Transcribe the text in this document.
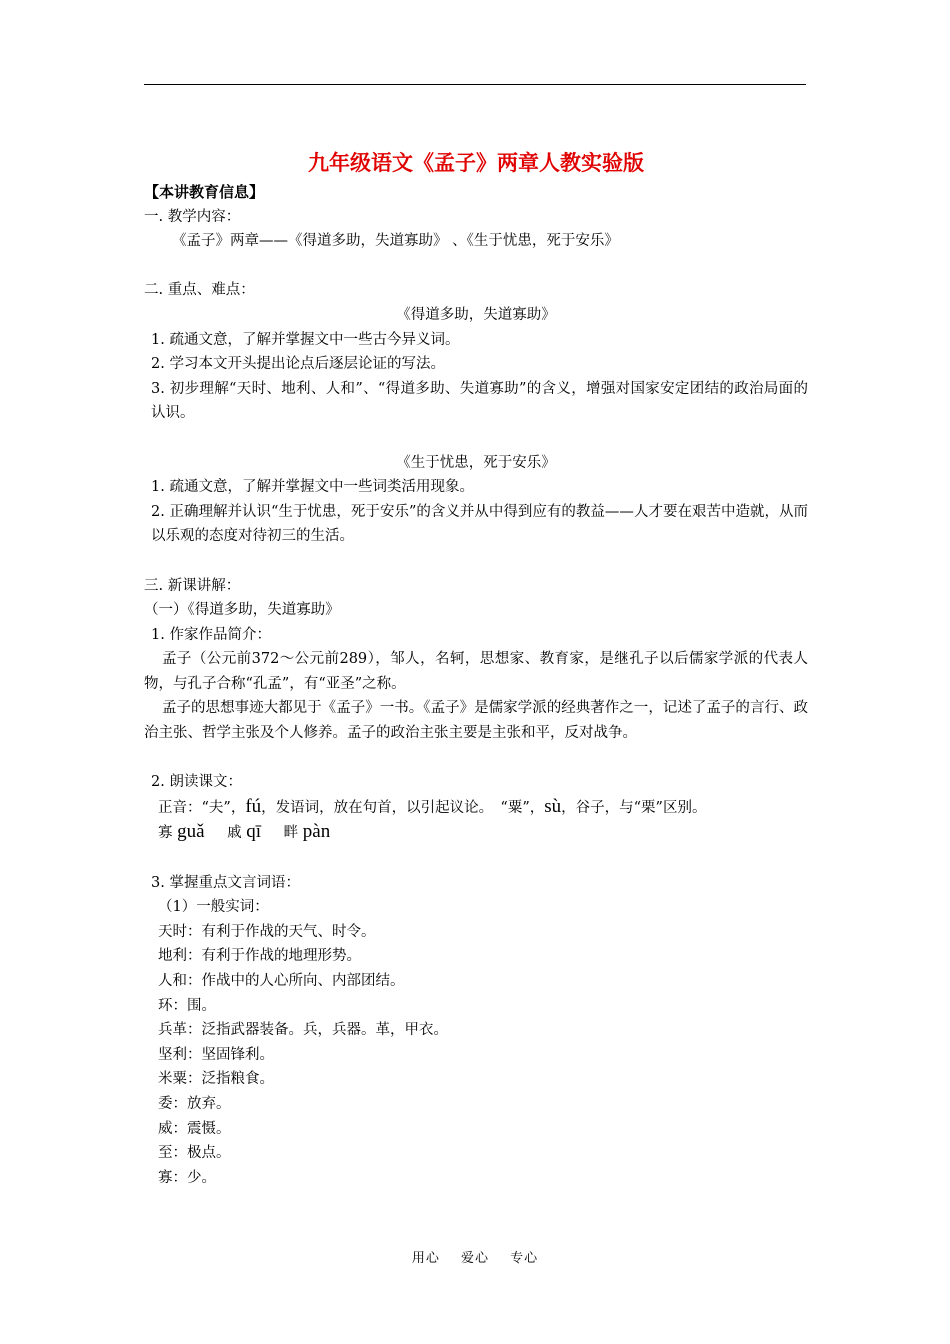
九年级语文《孟子》两章人教实验版

【本讲教育信息】

一. 教学内容：

《孟子》两章——《得道多助，失道寡助》 、《生于忧患，死于安乐》

二. 重点、难点：

《得道多助，失道寡助》

1. 疏通文意，了解并掌握文中一些古今异义词。

2. 学习本文开头提出论点后逐层论证的写法。

3. 初步理解“天时、地利、人和”、“得道多助、失道寡助”的含义，增强对国家安定团结的政治局面的认识。

《生于忧患，死于安乐》

1. 疏通文意，了解并掌握文中一些词类活用现象。

2. 正确理解并认识“生于忧患，死于安乐”的含义并从中得到应有的教益——人才要在艰苦中造就，从而以乐观的态度对待初三的生活。

三. 新课讲解：

（一）《得道多助，失道寡助》

1. 作家作品简介：

孟子（公元前372～公元前289），邹人，名轲，思想家、教育家，是继孔子以后儒家学派的代表人物，与孔子合称“孔孟”，有“亚圣”之称。

孟子的思想事迹大都见于《孟子》一书。《孟子》是儒家学派的经典著作之一，记述了孟子的言行、政治主张、哲学主张及个人修养。孟子的政治主张主要是主张和平，反对战争。

2. 朗读课文：

正音：“夫”，fú，发语词，放在句首，以引起议论。　“粟”，sù，谷子，与“栗”区别。

寡 guǎ 戚 qī 畔 pàn

3. 掌握重点文言词语：

（1）一般实词：

天时：有利于作战的天气、时令。

地利：有利于作战的地理形势。

人和：作战中的人心所向、内部团结。

环：围。

兵革：泛指武器装备。兵，兵器。革，甲衣。

坚利：坚固锋利。

米粟：泛指粮食。

委：放弃。

威：震慑。

至：极点。

寡：少。

用心 爱心 专心
